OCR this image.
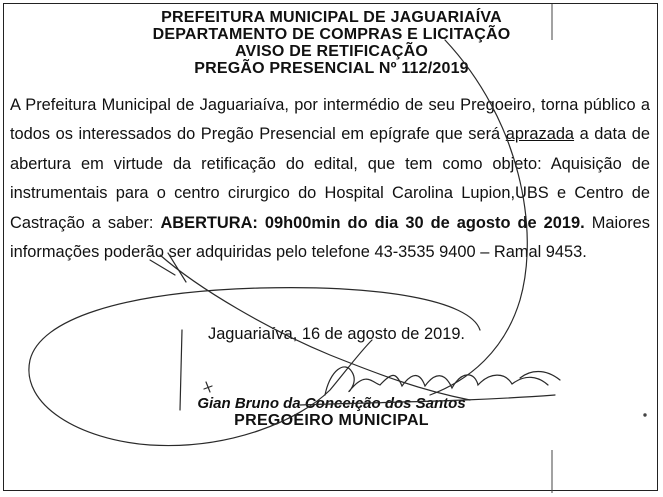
PREFEITURA MUNICIPAL DE JAGUARIAÍVA
DEPARTAMENTO DE COMPRAS E LICITAÇÃO
AVISO DE RETIFICAÇÃO
PREGÃO PRESENCIAL Nº 112/2019

A Prefeitura Municipal de Jaguariaíva, por intermédio de seu Pregoeiro, torna público a todos os interessados do Pregão Presencial em epígrafe que será aprazada a data de abertura em virtude da retificação do edital, que tem como objeto: Aquisição de instrumentais para o centro cirurgico do Hospital Carolina Lupion,UBS e Centro de Castração a saber: ABERTURA: 09h00min do dia 30 de agosto de 2019. Maiores informações poderão ser adquiridas pelo telefone 43-3535 9400 – Ramal 9453.

Jaguariaíva, 16 de agosto de 2019.
Gian Bruno da Conceição dos Santos
PREGOEIRO MUNICIPAL
